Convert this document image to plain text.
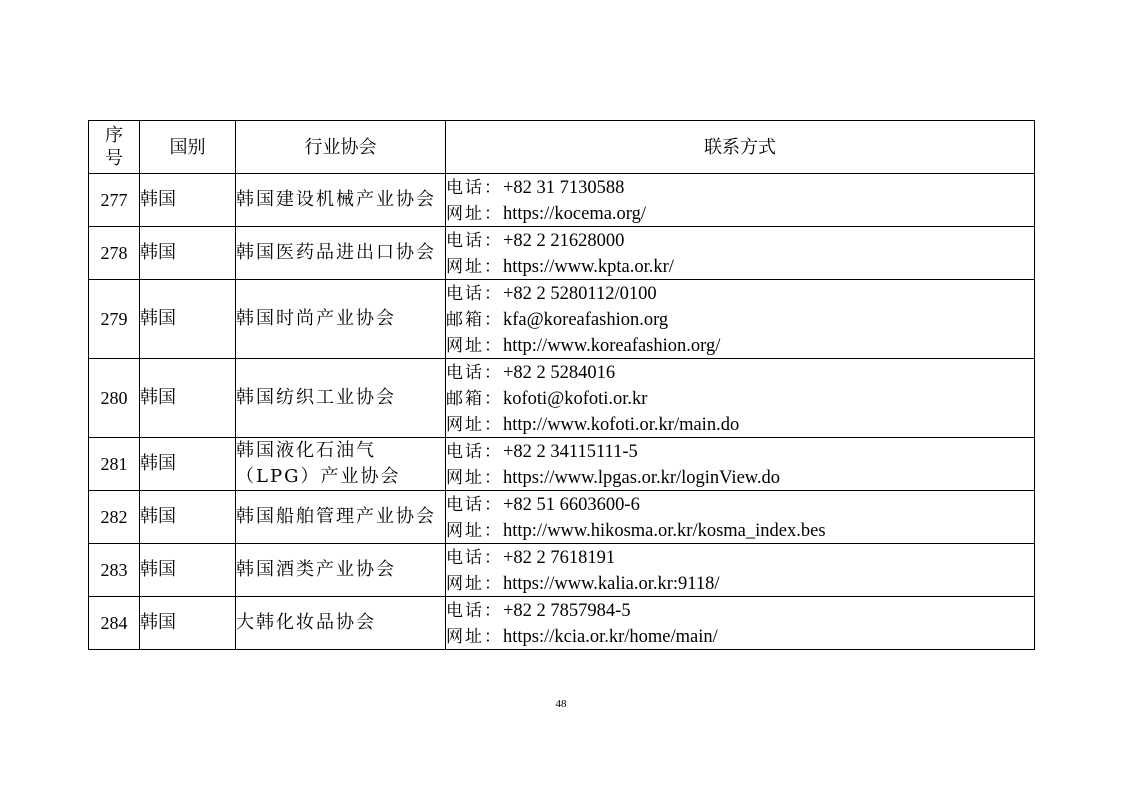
序
号	国别	行业协会	联系方式
277	韩国	韩国建设机械产业协会	电话：+82 31 7130588
网址：https://kocema.org/

278	韩国	韩国医药品进出口协会	电话：+82 2 21628000
网址：https://www.kpta.or.kr/

279	韩国	韩国时尚产业协会	电话：+82 2 5280112/0100
邮箱：kfa@koreafashion.org
网址：http://www.koreafashion.org/

280	韩国	韩国纺织工业协会	电话：+82 2 5284016
邮箱：kofoti@kofoti.or.kr
网址：http://www.kofoti.or.kr/main.do

281	韩国	韩国液化石油气（LPG）产业协会	电话：+82 2 34115111-5
网址：https://www.lpgas.or.kr/loginView.do

282	韩国	韩国船舶管理产业协会	电话：+82 51 6603600-6
网址：http://www.hikosma.or.kr/kosma_index.bes

283	韩国	韩国酒类产业协会	电话：+82 2 7618191
网址：https://www.kalia.or.kr:9118/

284	韩国	大韩化妆品协会	电话：+82 2 7857984-5
网址：https://kcia.or.kr/home/main/
48
